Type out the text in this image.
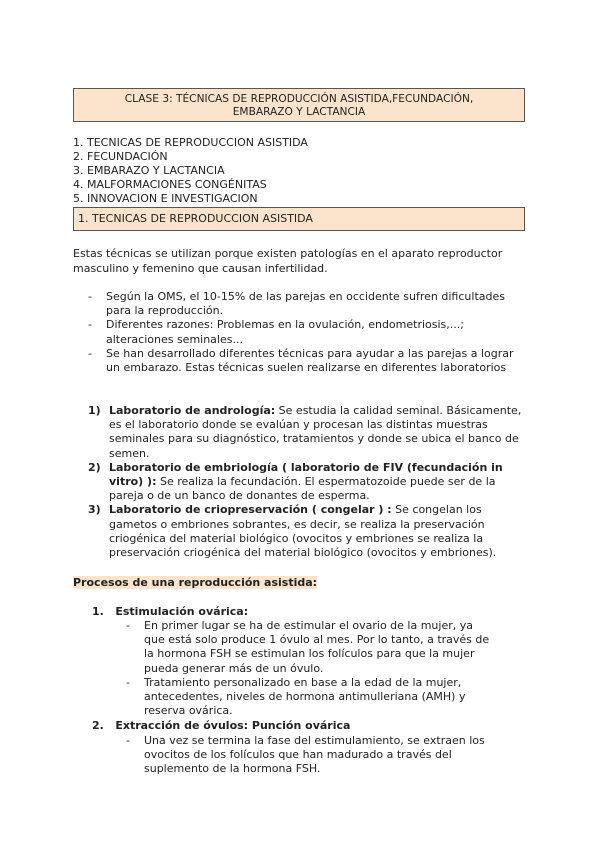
CLASE 3: TÉCNICAS DE REPRODUCCIÓN ASISTIDA,FECUNDACIÓN,
EMBARAZO Y LACTANCIA
1. TECNICAS DE REPRODUCCION ASISTIDA
2. FECUNDACIÓN
3. EMBARAZO Y LACTANCIA
4. MALFORMACIONES CONGÉNITAS
5. INNOVACION E INVESTIGACION
1. TECNICAS DE REPRODUCCION ASISTIDA

Estas técnicas se utilizan porque existen patologías en el aparato reproductor masculino y femenino que causan infertilidad.

- Según la OMS, el 10-15% de las parejas en occidente sufren dificultades para la reproducción.
- Diferentes razones: Problemas en la ovulación, endometriosis,...; alteraciones seminales...
- Se han desarrollado diferentes técnicas para ayudar a las parejas a lograr un embarazo. Estas técnicas suelen realizarse en diferentes laboratorios
1) Laboratorio de andrología: Se estudia la calidad seminal. Básicamente, es el laboratorio donde se evalúan y procesan las distintas muestras seminales para su diagnóstico, tratamientos y donde se ubica el banco de semen.
2) Laboratorio de embriología ( laboratorio de FIV (fecundación in vitro) ): Se realiza la fecundación. El espermatozoide puede ser de la pareja o de un banco de donantes de esperma.
3) Laboratorio de criopreservación ( congelar ) : Se congelan los gametos o embriones sobrantes, es decir, se realiza la preservación criogénica del material biológico (ovocitos y embriones se realiza la preservación criogénica del material biológico (ovocitos y embriones).
Procesos de una reproducción asistida:
1. Estimulación ovárica:
- En primer lugar se ha de estimular el ovario de la mujer, ya que está solo produce 1 óvulo al mes. Por lo tanto, a través de la hormona FSH se estimulan los folículos para que la mujer pueda generar más de un óvulo.
- Tratamiento personalizado en base a la edad de la mujer, antecedentes, niveles de hormona antimulleriana (AMH) y reserva ovárica.
2. Extracción de óvulos: Punción ovárica
- Una vez se termina la fase del estimulamiento, se extraen los ovocitos de los folículos que han madurado a través del suplemento de la hormona FSH.
